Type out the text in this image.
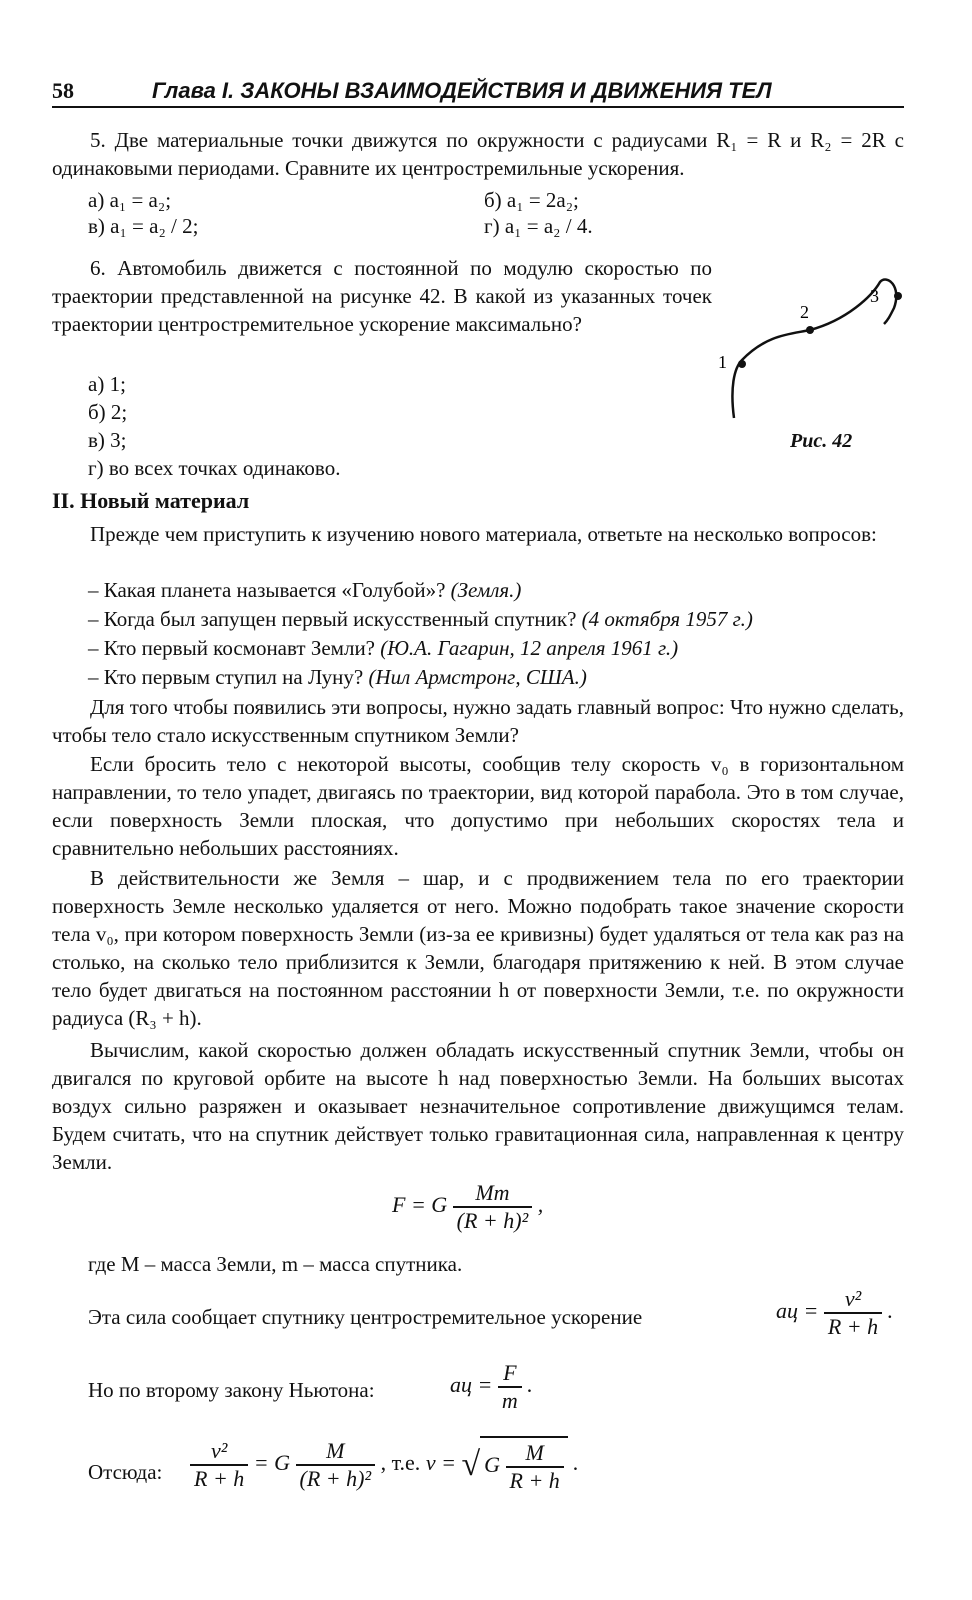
58	Глава I. ЗАКОНЫ ВЗАИМОДЕЙСТВИЯ И ДВИЖЕНИЯ ТЕЛ
5. Две материальные точки движутся по окружности с радиусами R₁ = R и R₂ = 2R с одинаковыми периодами. Сравните их центростремильные ускорения.
а) a₁ = a₂;	б) a₁ = 2a₂;
в) a₁ = a₂ / 2;	г) a₁ = a₂ / 4.
6. Автомобиль движется с постоянной по модулю скоростью по траектории представленной на рисунке 42. В какой из указанных точек траектории центростремительное ускорение максимально?
а) 1;
б) 2;
в) 3;
г) во всех точках одинаково.
1
2
3
Рис. 42
II. Новый материал
Прежде чем приступить к изучению нового материала, ответьте на несколько вопросов:
– Какая планета называется «Голубой»? (Земля.)
– Когда был запущен первый искусственный спутник? (4 октября 1957 г.)
– Кто первый космонавт Земли? (Ю.А. Гагарин, 12 апреля 1961 г.)
– Кто первым ступил на Луну? (Нил Армстронг, США.)
Для того чтобы появились эти вопросы, нужно задать главный вопрос: Что нужно сделать, чтобы тело стало искусственным спутником Земли?
Если бросить тело с некоторой высоты, сообщив телу скорость v₀ в горизонтальном направлении, то тело упадет, двигаясь по траектории, вид которой парабола. Это в том случае, если поверхность Земли плоская, что допустимо при небольших скоростях тела и сравнительно небольших расстояниях.
В действительности же Земля – шар, и с продвижением тела по его траектории поверхность Земле несколько удаляется от него. Можно подобрать такое значение скорости тела v₀, при котором поверхность Земли (из-за ее кривизны) будет удаляться от тела как раз на столько, на сколько тело приблизится к Земли, благодаря притяжению к ней. В этом случае тело будет двигаться на постоянном расстоянии h от поверхности Земли, т.е. по окружности радиуса (R₃ + h).
Вычислим, какой скоростью должен обладать искусственный спутник Земли, чтобы он двигался по круговой орбите на высоте h над поверхностью Земли. На больших высотах воздух сильно разряжен и оказывает незначительное сопротивление движущимся телам. Будем считать, что на спутник действует только гравитационная сила, направленная к центру Земли.
F = G $\frac{Mm}{\text{(R + h)²}}$ ,
где M – масса Земли, m – масса спутника.
Эта сила сообщает спутнику центростремительное ускорение	aц = $\frac{\text{v²}}{R + h}$ .
Но по второму закону Ньютона:	aц = $\frac{F}{m}$ .
Отсюда:	$\frac{\text{v²}}{R + h} = G \frac{M}{\text{(R + h)²}}$ , т.е. v = √ G $\frac{M}{R + h}$ .
